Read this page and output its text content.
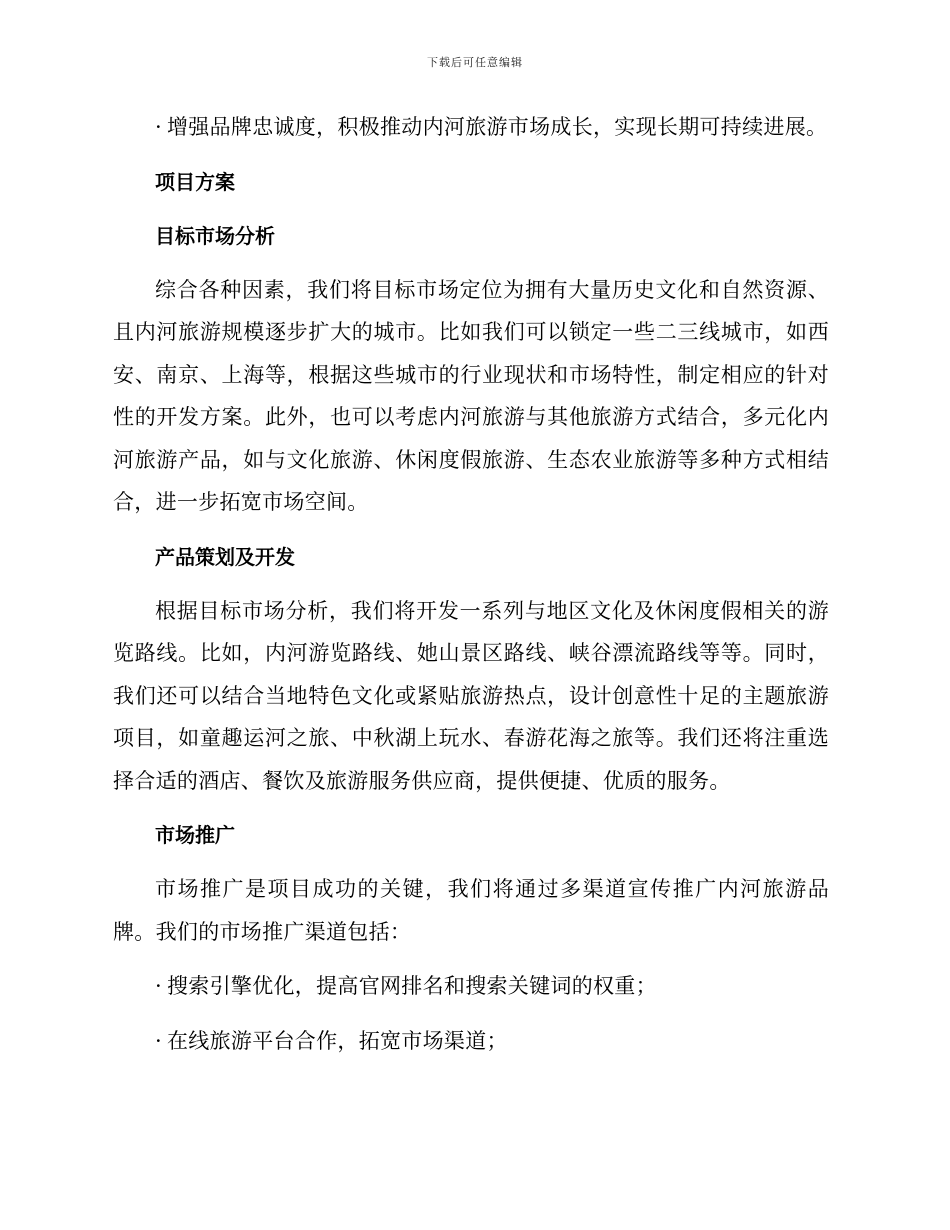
下载后可任意编辑

· 增强品牌忠诚度，积极推动内河旅游市场成长，实现长期可持续进展。

项目方案
目标市场分析

综合各种因素，我们将目标市场定位为拥有大量历史文化和自然资源、且内河旅游规模逐步扩大的城市。比如我们可以锁定一些二三线城市，如西安、南京、上海等，根据这些城市的行业现状和市场特性，制定相应的针对性的开发方案。此外，也可以考虑内河旅游与其他旅游方式结合，多元化内河旅游产品，如与文化旅游、休闲度假旅游、生态农业旅游等多种方式相结合，进一步拓宽市场空间。

产品策划及开发

根据目标市场分析，我们将开发一系列与地区文化及休闲度假相关的游览路线。比如，内河游览路线、她山景区路线、峡谷漂流路线等等。同时，我们还可以结合当地特色文化或紧贴旅游热点，设计创意性十足的主题旅游项目，如童趣运河之旅、中秋湖上玩水、春游花海之旅等。我们还将注重选择合适的酒店、餐饮及旅游服务供应商，提供便捷、优质的服务。

市场推广

市场推广是项目成功的关键，我们将通过多渠道宣传推广内河旅游品牌。我们的市场推广渠道包括：

· 搜索引擎优化，提高官网排名和搜索关键词的权重；

· 在线旅游平台合作，拓宽市场渠道；
